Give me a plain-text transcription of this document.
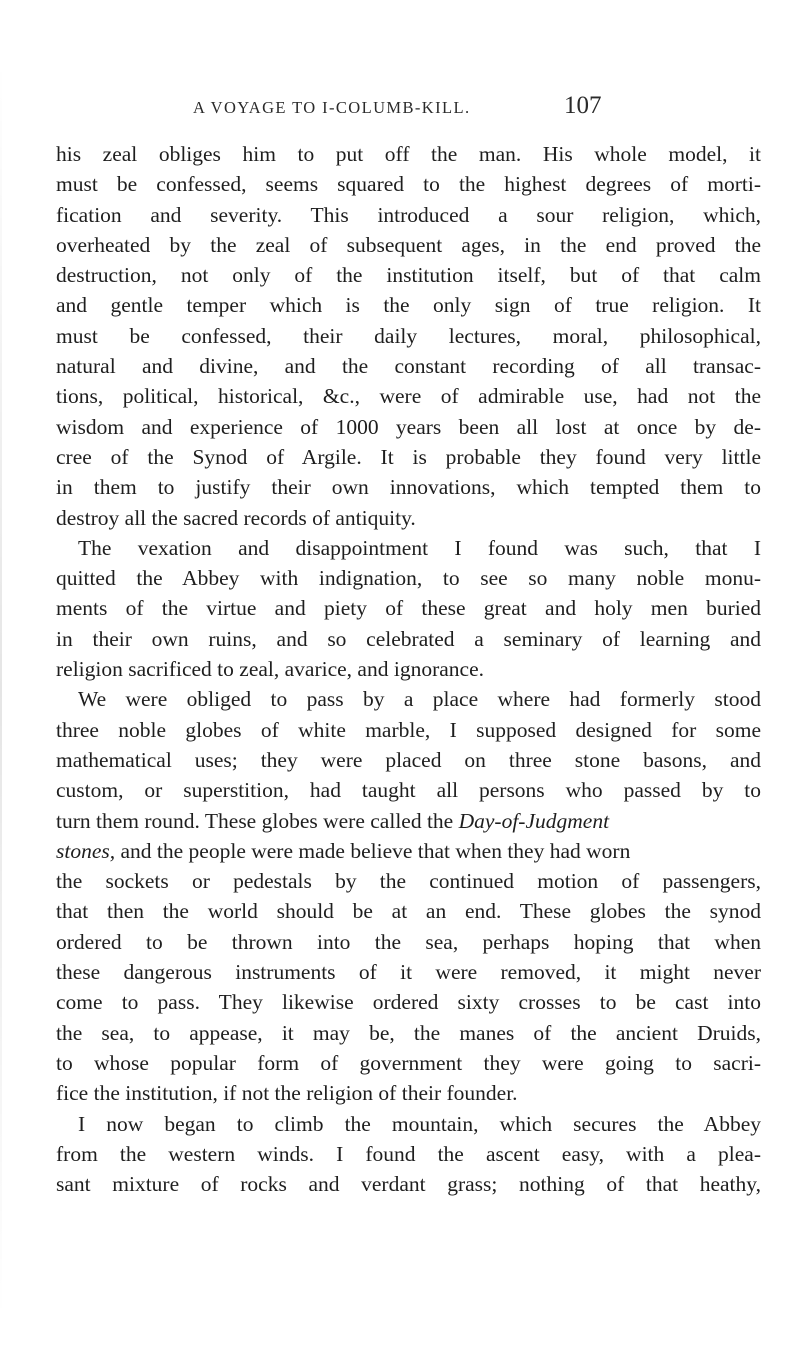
A VOYAGE TO I-COLUMB-KILL.	107
his zeal obliges him to put off the man. His whole model, it
must be confessed, seems squared to the highest degrees of morti-
fication and severity. This introduced a sour religion, which,
overheated by the zeal of subsequent ages, in the end proved the
destruction, not only of the institution itself, but of that calm
and gentle temper which is the only sign of true religion. It
must be confessed, their daily lectures, moral, philosophical,
natural and divine, and the constant recording of all transac-
tions, political, historical, &c., were of admirable use, had not the
wisdom and experience of 1000 years been all lost at once by de-
cree of the Synod of Argile. It is probable they found very little
in them to justify their own innovations, which tempted them to
destroy all the sacred records of antiquity.
The vexation and disappointment I found was such, that I
quitted the Abbey with indignation, to see so many noble monu-
ments of the virtue and piety of these great and holy men buried
in their own ruins, and so celebrated a seminary of learning and
religion sacrificed to zeal, avarice, and ignorance.
We were obliged to pass by a place where had formerly stood
three noble globes of white marble, I supposed designed for some
mathematical uses; they were placed on three stone basons, and
custom, or superstition, had taught all persons who passed by to
turn them round. These globes were called the Day-of-Judgment
stones, and the people were made believe that when they had worn
the sockets or pedestals by the continued motion of passengers,
that then the world should be at an end. These globes the synod
ordered to be thrown into the sea, perhaps hoping that when
these dangerous instruments of it were removed, it might never
come to pass. They likewise ordered sixty crosses to be cast into
the sea, to appease, it may be, the manes of the ancient Druids,
to whose popular form of government they were going to sacri-
fice the institution, if not the religion of their founder.
I now began to climb the mountain, which secures the Abbey
from the western winds. I found the ascent easy, with a plea-
sant mixture of rocks and verdant grass; nothing of that heathy,
